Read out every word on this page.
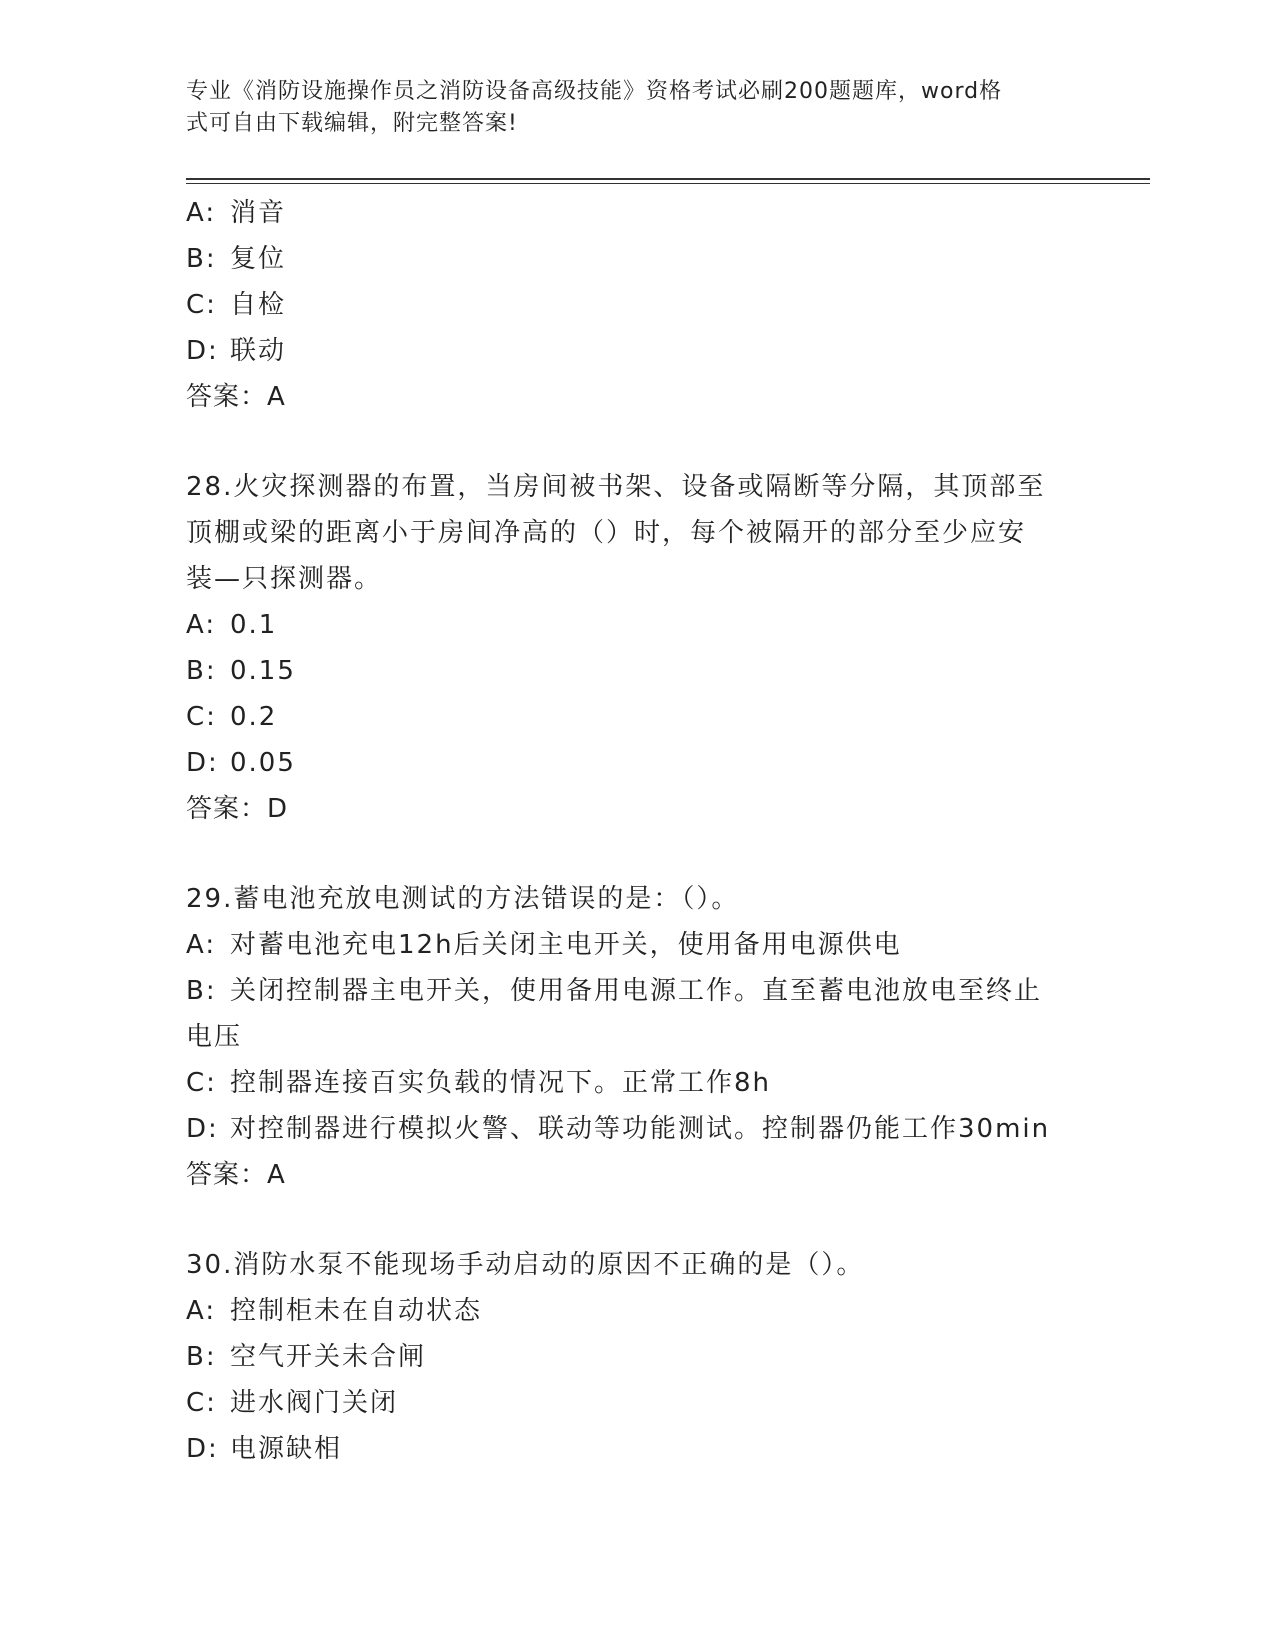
专业《消防设施操作员之消防设备高级技能》资格考试必刷200题题库，word格
式可自由下载编辑，附完整答案!
A: 消音
B: 复位
C: 自检
D: 联动
答案：A
28.火灾探测器的布置，当房间被书架、设备或隔断等分隔，其顶部至
顶棚或梁的距离小于房间净高的（）时，每个被隔开的部分至少应安
装—只探测器。
A: 0.1
B: 0.15
C: 0.2
D: 0.05
答案：D
29.蓄电池充放电测试的方法错误的是：（）。
A: 对蓄电池充电12h后关闭主电开关，使用备用电源供电
B: 关闭控制器主电开关，使用备用电源工作。直至蓄电池放电至终止
电压
C: 控制器连接百实负载的情况下。正常工作8h
D: 对控制器进行模拟火警、联动等功能测试。控制器仍能工作30min
答案：A
30.消防水泵不能现场手动启动的原因不正确的是（）。
A: 控制柜未在自动状态
B: 空气开关未合闸
C: 进水阀门关闭
D: 电源缺相
